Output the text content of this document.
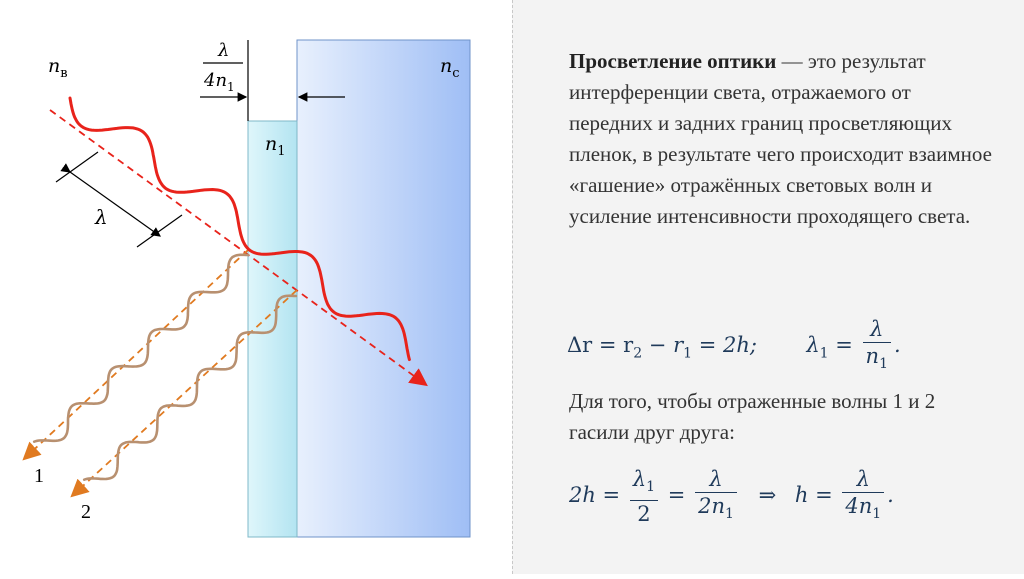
$n_в$	$n_с$
$n_1$
λ
λ
$4n_1$
1
2
Просветление оптики — это результат интерференции света, отражаемого от передних и задних границ просветляющих пленок, в результате чего происходит взаимное «гашение» отражённых световых волн и усиление интенсивности проходящего света.
$\Delta r = r_2 - r_1 = 2h$; $\lambda_1 = \frac{\lambda}{n_1}$ .
Для того, чтобы отраженные волны 1 и 2 гасили друг друга:
$2h = \frac{\lambda_1}{2} = \frac{\lambda}{2n_1}$ ⇒ $h = \frac{\lambda}{4n_1}$ .
